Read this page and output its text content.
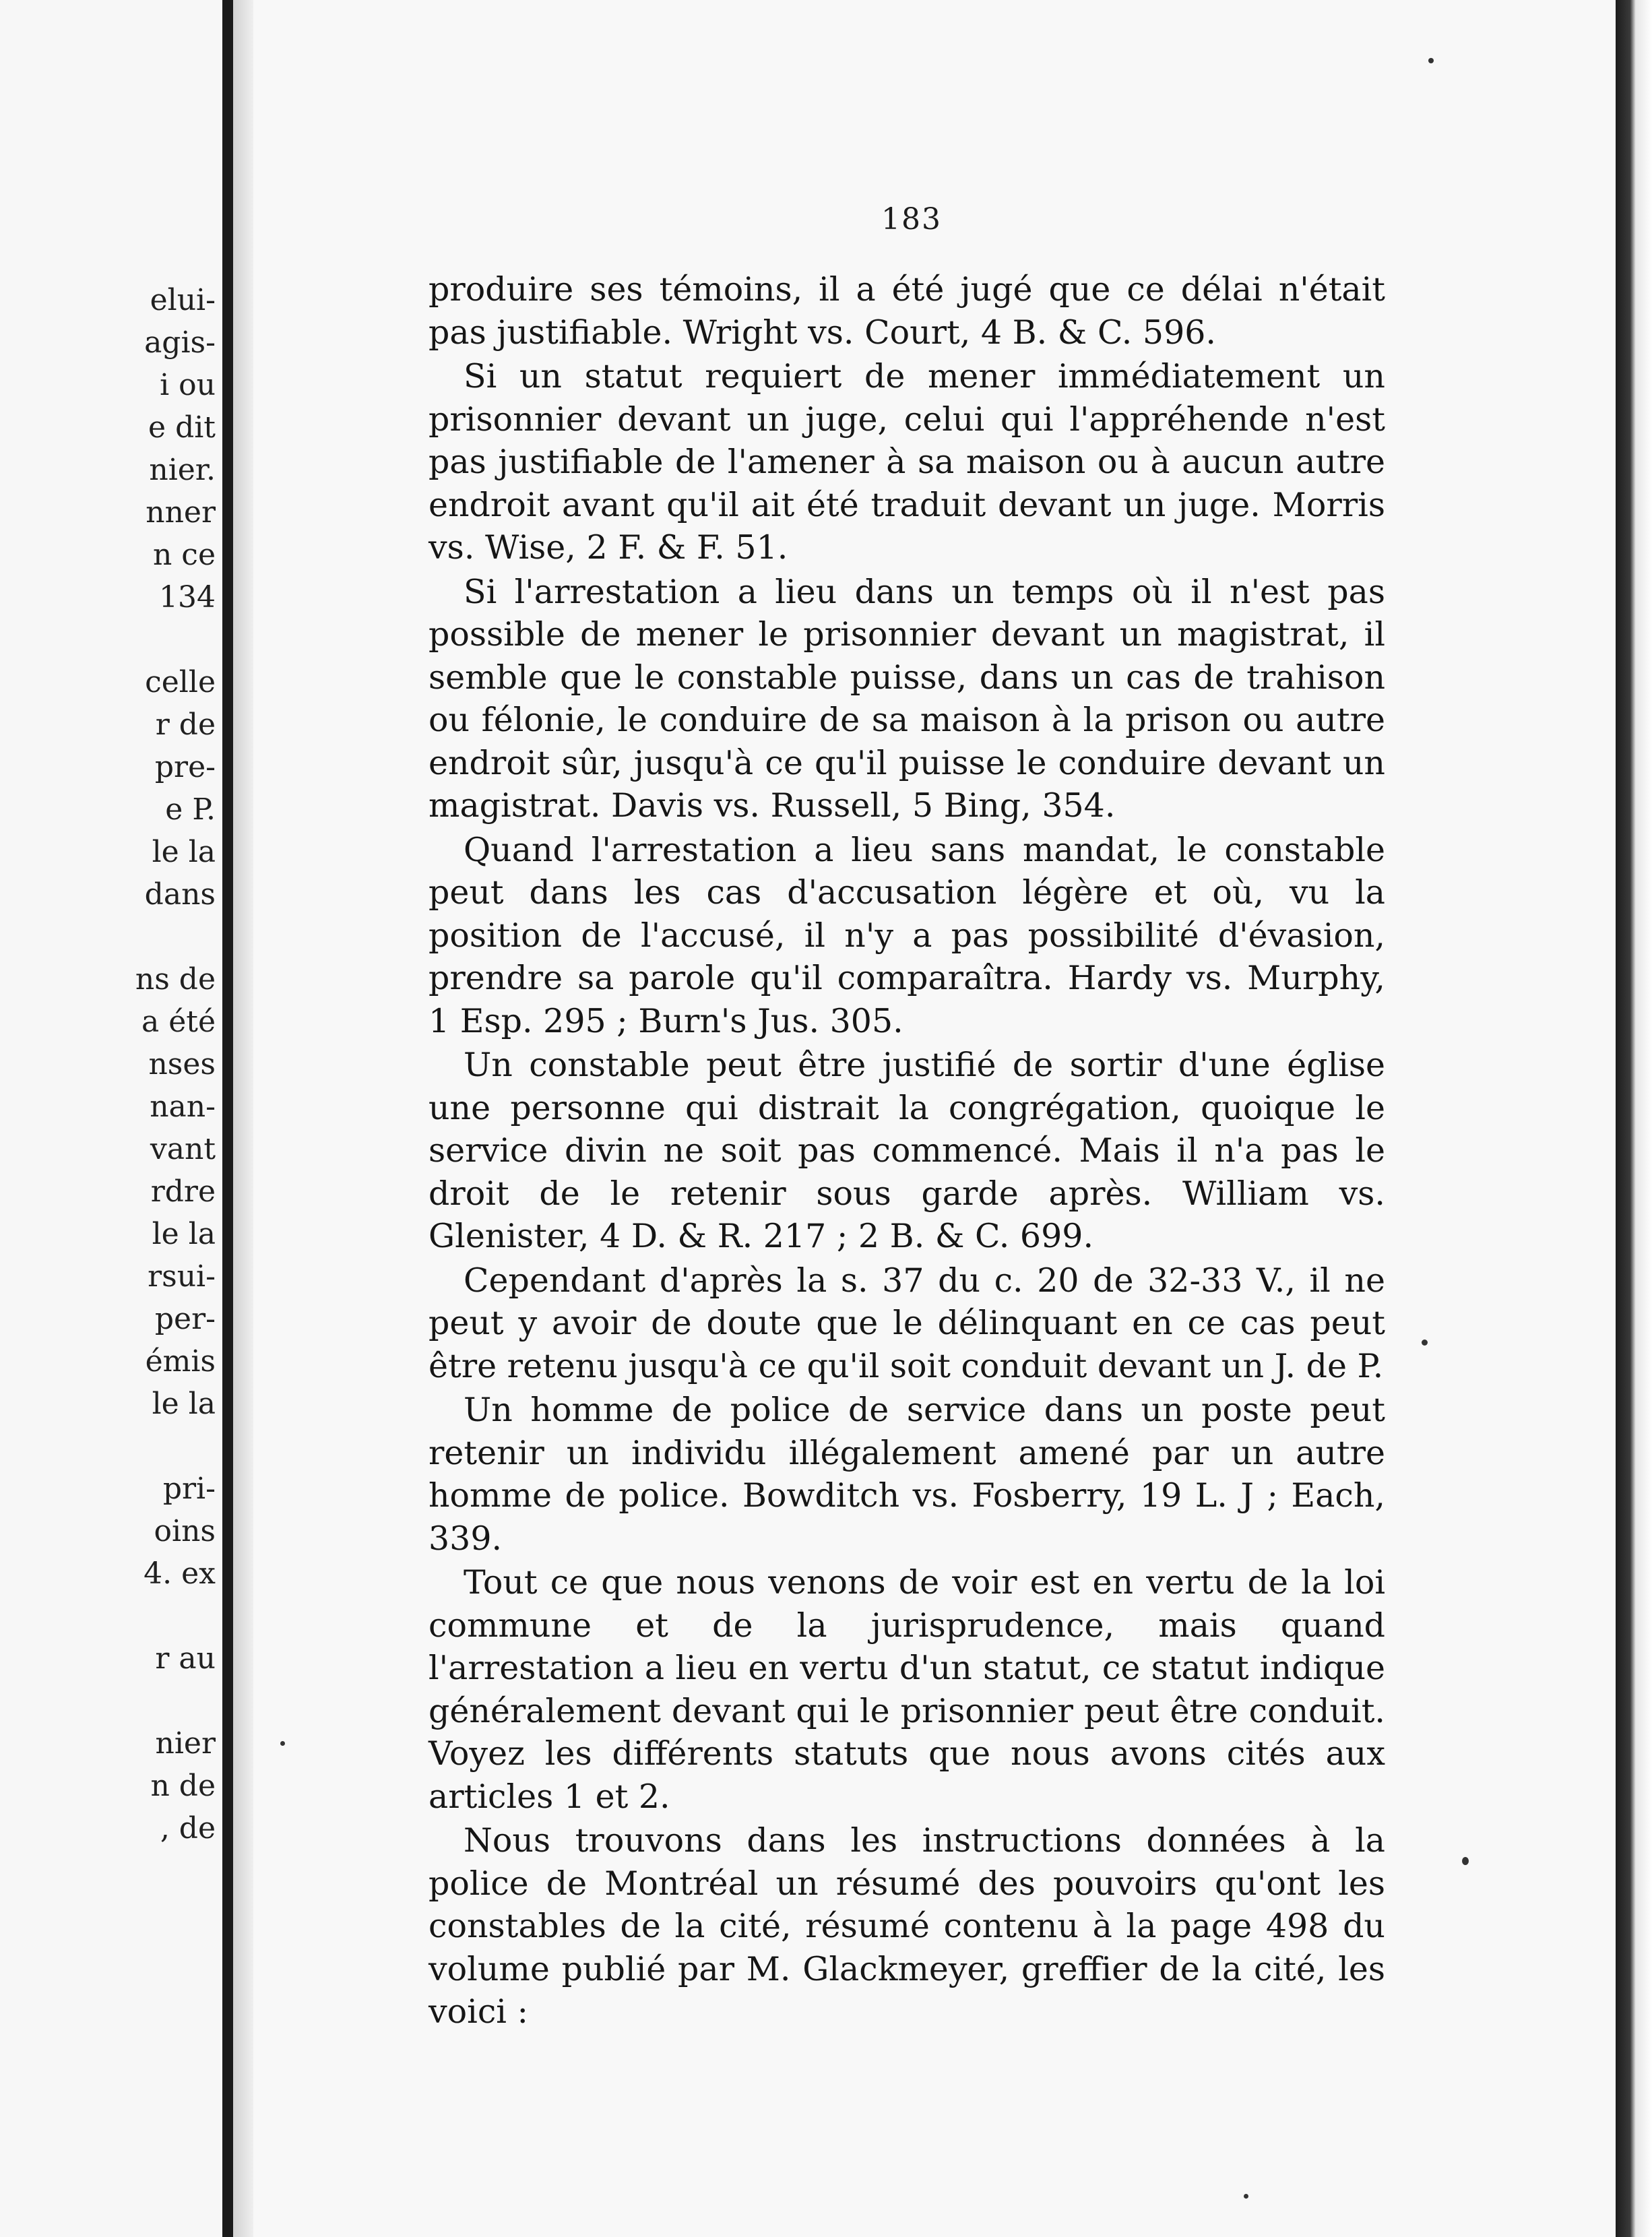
elui-
agis-
i ou
e dit
nier.
nner
n ce
134
celle
r de
pre-
e P.
le la
dans
ns de
a été
nses
nan-
vant
rdre
le la
rsui-
per-
émis
le la
pri-
oins
4. ex
r au
nier
n de
, de
183

produire ses témoins, il a été jugé que ce délai n'était pas justifiable. Wright vs. Court, 4 B. & C. 596.

Si un statut requiert de mener immédiatement un prisonnier devant un juge, celui qui l'appréhende n'est pas justifiable de l'amener à sa maison ou à aucun autre endroit avant qu'il ait été traduit devant un juge. Morris vs. Wise, 2 F. & F. 51.

Si l'arrestation a lieu dans un temps où il n'est pas possible de mener le prisonnier devant un magistrat, il semble que le constable puisse, dans un cas de trahison ou félonie, le conduire de sa maison à la prison ou autre endroit sûr, jusqu'à ce qu'il puisse le conduire devant un magistrat. Davis vs. Russell, 5 Bing, 354.

Quand l'arrestation a lieu sans mandat, le constable peut dans les cas d'accusation légère et où, vu la position de l'accusé, il n'y a pas possibilité d'évasion, prendre sa parole qu'il comparaîtra. Hardy vs. Murphy, 1 Esp. 295 ; Burn's Jus. 305.

Un constable peut être justifié de sortir d'une église une personne qui distrait la congrégation, quoique le service divin ne soit pas commencé. Mais il n'a pas le droit de le retenir sous garde après. William vs. Glenister, 4 D. & R. 217 ; 2 B. & C. 699.

Cependant d'après la s. 37 du c. 20 de 32-33 V., il ne peut y avoir de doute que le délinquant en ce cas peut être retenu jusqu'à ce qu'il soit conduit devant un J. de P.

Un homme de police de service dans un poste peut retenir un individu illégalement amené par un autre homme de police. Bowditch vs. Fosberry, 19 L. J ; Each, 339.

Tout ce que nous venons de voir est en vertu de la loi commune et de la jurisprudence, mais quand l'arrestation a lieu en vertu d'un statut, ce statut indique généralement devant qui le prisonnier peut être conduit. Voyez les différents statuts que nous avons cités aux articles 1 et 2.

Nous trouvons dans les instructions données à la police de Montréal un résumé des pouvoirs qu'ont les constables de la cité, résumé contenu à la page 498 du volume publié par M. Glackmeyer, greffier de la cité, les voici :
